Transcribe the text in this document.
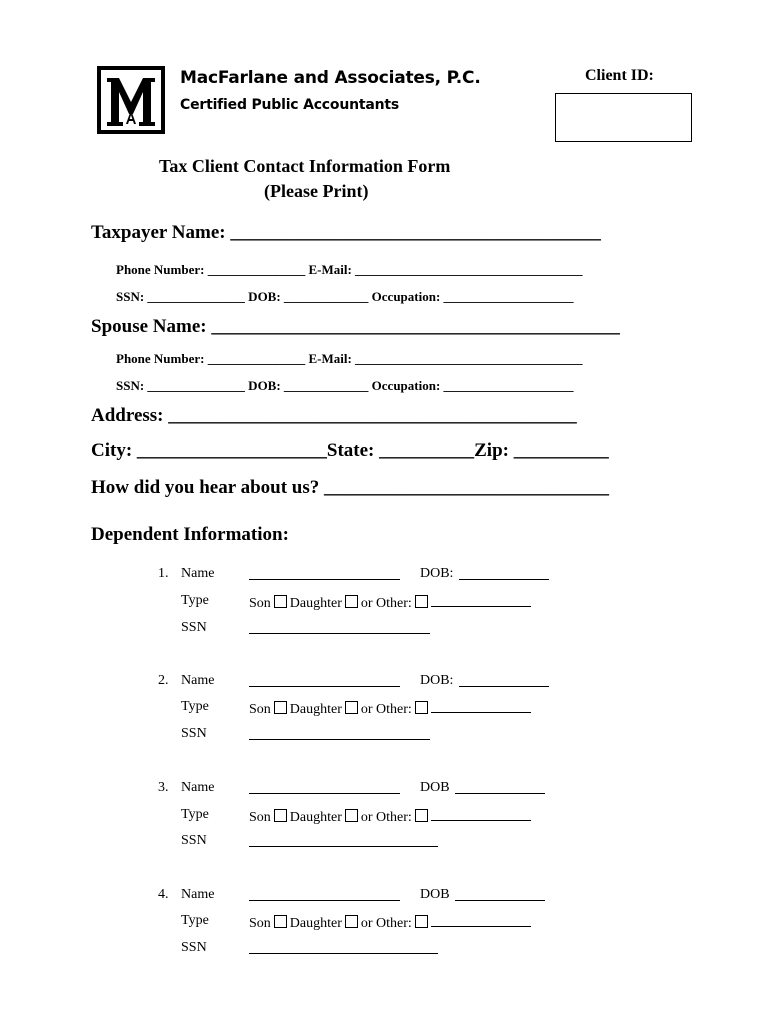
MacFarlane and Associates, P.C.
Certified Public Accountants
Client ID:
Tax Client Contact Information Form
(Please Print)
Taxpayer Name: _______________________________________
Phone Number: _______________ E-Mail: ___________________________________
SSN: _______________ DOB: _____________ Occupation: ____________________
Spouse Name: ___________________________________________
Phone Number: _______________ E-Mail: ___________________________________
SSN: _______________ DOB: _____________ Occupation: ____________________
Address: ___________________________________________
City: ____________________State: __________Zip: __________
How did you hear about us? ______________________________
Dependent Information:
1. Name	DOB:
Type	Son Daughter or Other:
SSN
2. Name	DOB:
Type	Son Daughter or Other:
SSN
3. Name	DOB
Type	Son Daughter or Other:
SSN
4. Name	DOB
Type	Son Daughter or Other:
SSN
